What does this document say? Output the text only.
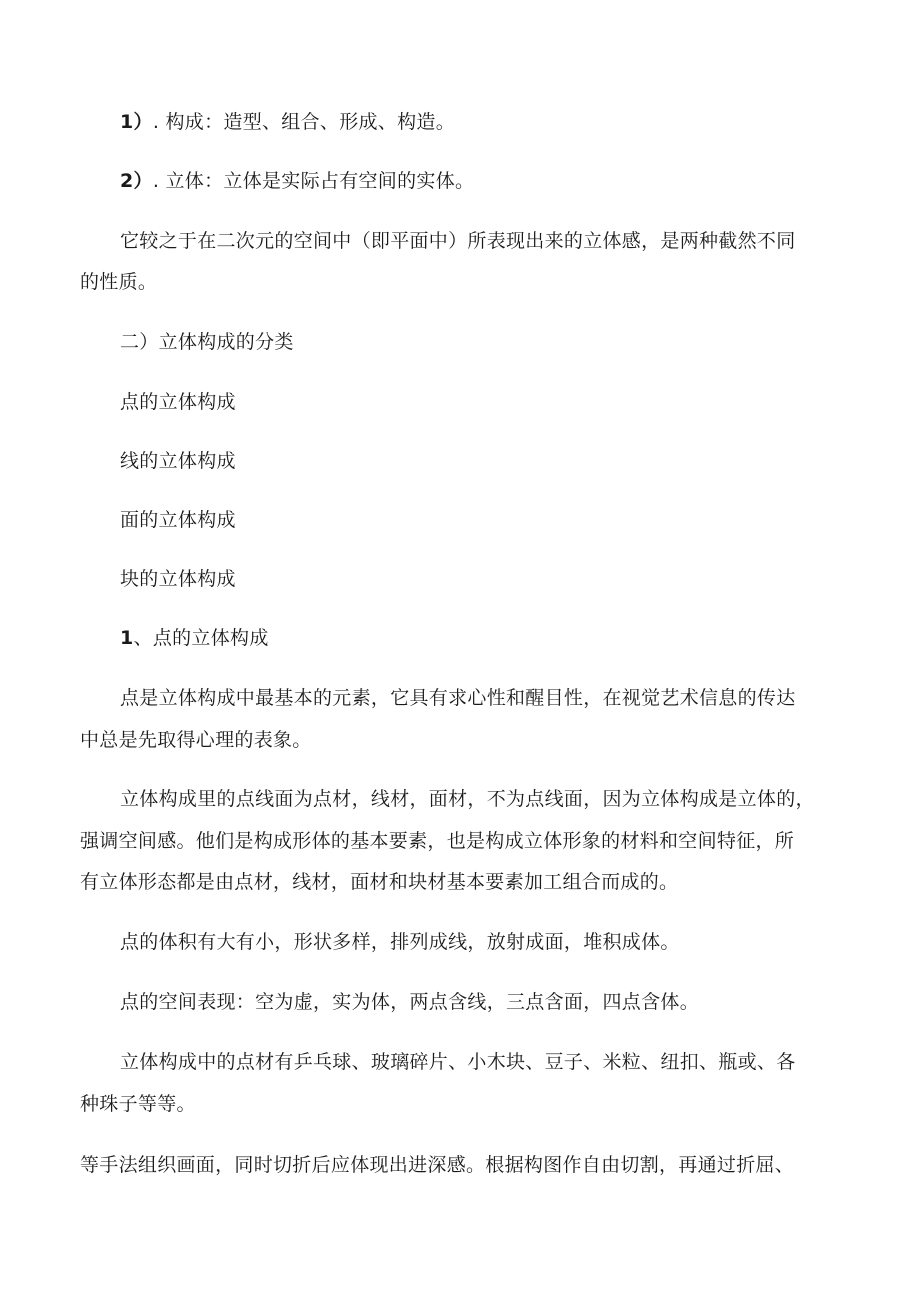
1）. 构成：造型、组合、形成、构造。
2）. 立体：立体是实际占有空间的实体。
它较之于在二次元的空间中（即平面中）所表现出来的立体感，是两种截然不同
的性质。
二）立体构成的分类
点的立体构成
线的立体构成
面的立体构成
块的立体构成
1、点的立体构成
点是立体构成中最基本的元素，它具有求心性和醒目性，在视觉艺术信息的传达
中总是先取得心理的表象。
立体构成里的点线面为点材，线材，面材，不为点线面，因为立体构成是立体的，
强调空间感。他们是构成形体的基本要素，也是构成立体形象的材料和空间特征，所
有立体形态都是由点材，线材，面材和块材基本要素加工组合而成的。
点的体积有大有小，形状多样，排列成线，放射成面，堆积成体。
点的空间表现：空为虚，实为体，两点含线，三点含面，四点含体。
立体构成中的点材有乒乓球、玻璃碎片、小木块、豆子、米粒、纽扣、瓶或、各
种珠子等等。
等手法组织画面，同时切折后应体现出进深感。根据构图作自由切割，再通过折屈、
